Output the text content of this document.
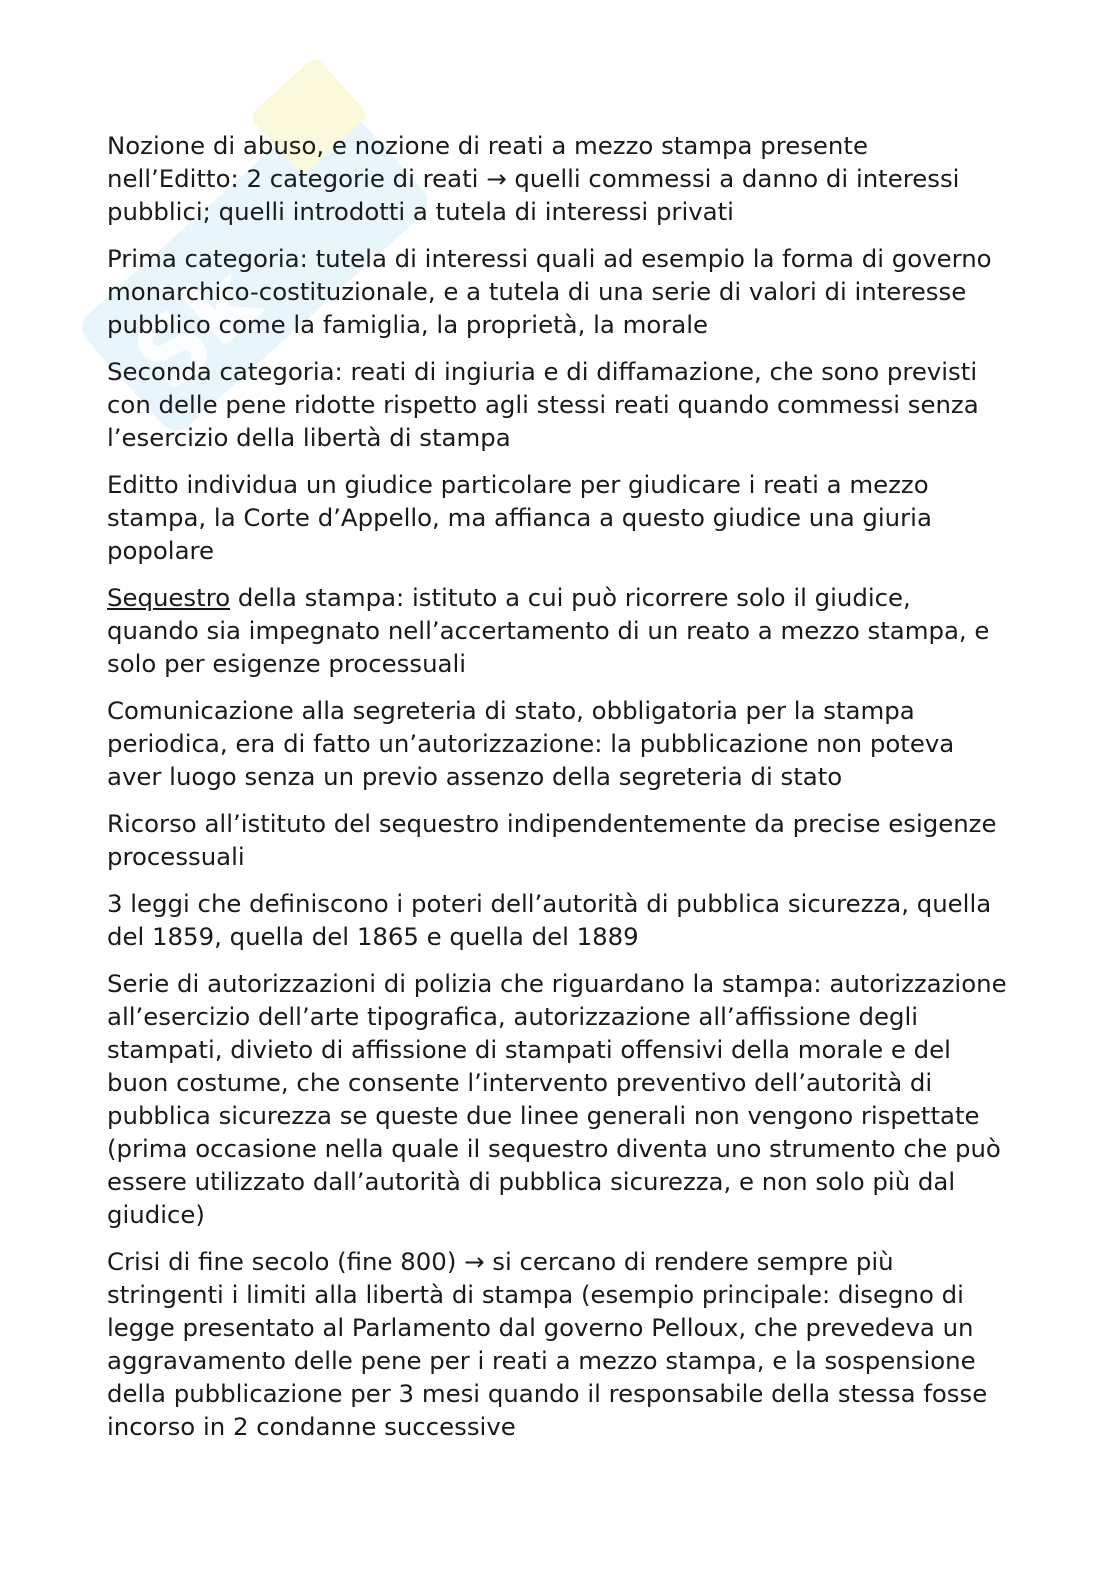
Sk

Nozione di abuso, e nozione di reati a mezzo stampa presente nell’Editto: 2 categorie di reati → quelli commessi a danno di interessi pubblici; quelli introdotti a tutela di interessi privati

Prima categoria: tutela di interessi quali ad esempio la forma di governo monarchico-costituzionale, e a tutela di una serie di valori di interesse pubblico come la famiglia, la proprietà, la morale

Seconda categoria: reati di ingiuria e di diffamazione, che sono previsti con delle pene ridotte rispetto agli stessi reati quando commessi senza l’esercizio della libertà di stampa

Editto individua un giudice particolare per giudicare i reati a mezzo stampa, la Corte d’Appello, ma affianca a questo giudice una giuria popolare

Sequestro della stampa: istituto a cui può ricorrere solo il giudice, quando sia impegnato nell’accertamento di un reato a mezzo stampa, e solo per esigenze processuali

Comunicazione alla segreteria di stato, obbligatoria per la stampa periodica, era di fatto un’autorizzazione: la pubblicazione non poteva aver luogo senza un previo assenzo della segreteria di stato

Ricorso all’istituto del sequestro indipendentemente da precise esigenze processuali

3 leggi che definiscono i poteri dell’autorità di pubblica sicurezza, quella del 1859, quella del 1865 e quella del 1889

Serie di autorizzazioni di polizia che riguardano la stampa: autorizzazione all’esercizio dell’arte tipografica, autorizzazione all’affissione degli stampati, divieto di affissione di stampati offensivi della morale e del buon costume, che consente l’intervento preventivo dell’autorità di pubblica sicurezza se queste due linee generali non vengono rispettate (prima occasione nella quale il sequestro diventa uno strumento che può essere utilizzato dall’autorità di pubblica sicurezza, e non solo più dal giudice)

Crisi di fine secolo (fine 800) → si cercano di rendere sempre più stringenti i limiti alla libertà di stampa (esempio principale: disegno di legge presentato al Parlamento dal governo Pelloux, che prevedeva un aggravamento delle pene per i reati a mezzo stampa, e la sospensione della pubblicazione per 3 mesi quando il responsabile della stessa fosse incorso in 2 condanne successive
